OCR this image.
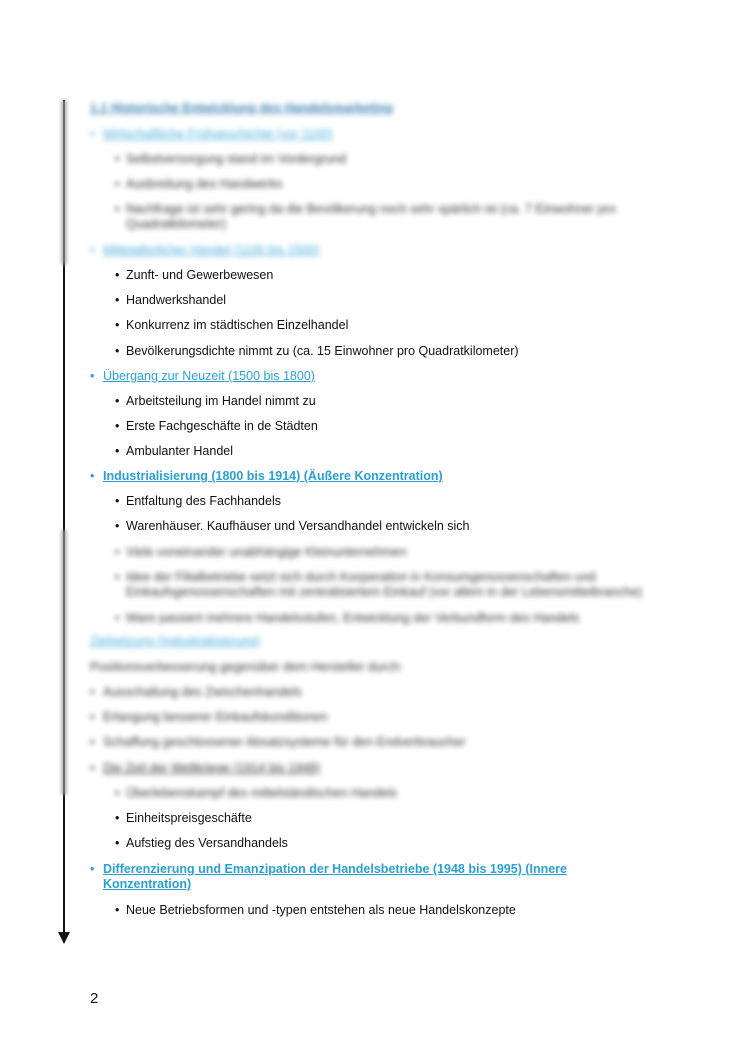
1.1 Historische Entwicklung des Handelsmarketing
• Wirtschaftliche Frühgeschichte (vor 1100)
• Selbstversorgung stand im Vordergrund
• Ausbreitung des Handwerks
• Nachfrage ist sehr gering da die Bevölkerung noch sehr spärlich ist (ca. 7 Einwohner pro Quadratkilometer)
• Mittelalterlicher Handel (1100 bis 1500)
• Zunft- und Gewerbewesen
• Handwerkshandel
• Konkurrenz im städtischen Einzelhandel
• Bevölkerungsdichte nimmt zu (ca. 15 Einwohner pro Quadratkilometer)
• Übergang zur Neuzeit (1500 bis 1800)
• Arbeitsteilung im Handel nimmt zu
• Erste Fachgeschäfte in de Städten
• Ambulanter Handel
• Industrialisierung (1800 bis 1914) (Äußere Konzentration)
• Entfaltung des Fachhandels
• Warenhäuser. Kaufhäuser und Versandhandel entwickeln sich
• Viele voneinander unabhängige Kleinunternehmen
• Idee der Filialbetriebe setzt sich durch Kooperation in Konsumgenossenschaften und Einkaufsgenossenschaften mit zentralisiertem Einkauf (vor allem in der Lebensmittelbranche)
• Ware passiert mehrere Handelsstufen, Entwicklung der Verbundform des Handels
Zielsetzung (Industrialisierung)
Positionsverbesserung gegenüber dem Hersteller durch:
• Ausschaltung des Zwischenhandels
• Erlangung besserer Einkaufskonditionen
• Schaffung geschlossener Absatzsysteme für den Endverbraucher
• Die Zeit der Weltkriege (1914 bis 1948)
• Überlebenskampf des mittelständischen Handels
• Einheitspreisgeschäfte
• Aufstieg des Versandhandels
• Differenzierung und Emanzipation der Handelsbetriebe (1948 bis 1995) (Innere Konzentration)
• Neue Betriebsformen und -typen entstehen als neue Handelskonzepte
2
